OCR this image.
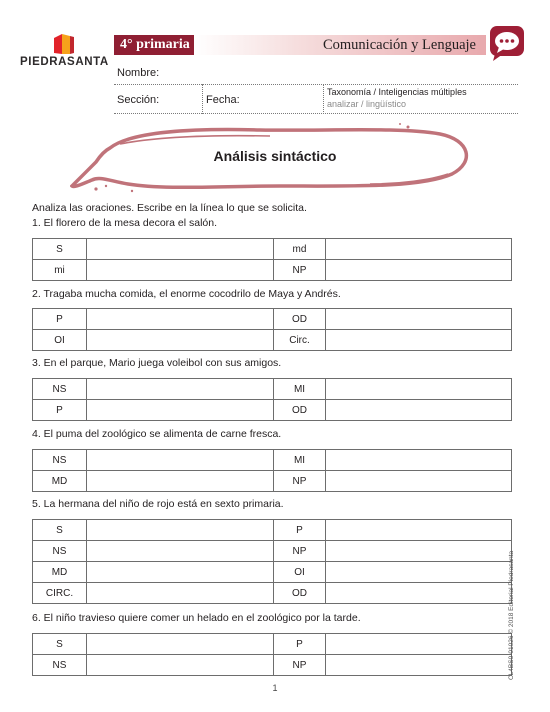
PIEDRASANTA
4° primaria	Comunicación y Lenguaje
Nombre:
Sección:	Fecha:
Taxonomía / Inteligencias múltiples
analizar / lingüístico
Análisis sintáctico
Analiza las oraciones. Escribe en la línea lo que se solicita.
1. El florero de la mesa decora el salón.
S		md	
mi		NP	
2. Tragaba mucha comida, el enorme cocodrilo de Maya y Andrés.
P		OD	
OI		Circ.	
3. En el parque, Mario juega voleibol con sus amigos.
NS		MI	
P		OD	
4. El puma del zoológico se alimenta de carne fresca.
NS		MI	
MD		NP	
5. La hermana del niño de rojo está en sexto primaria.
S		P	
NS		NP	
MD		OI	
CIRC.		OD	
6. El niño travieso quiere comer un helado en el zoológico por la tarde.
S		P	
NS		NP		CL4BS0-01026 © 2018 Editorial Piedrasanta
1
